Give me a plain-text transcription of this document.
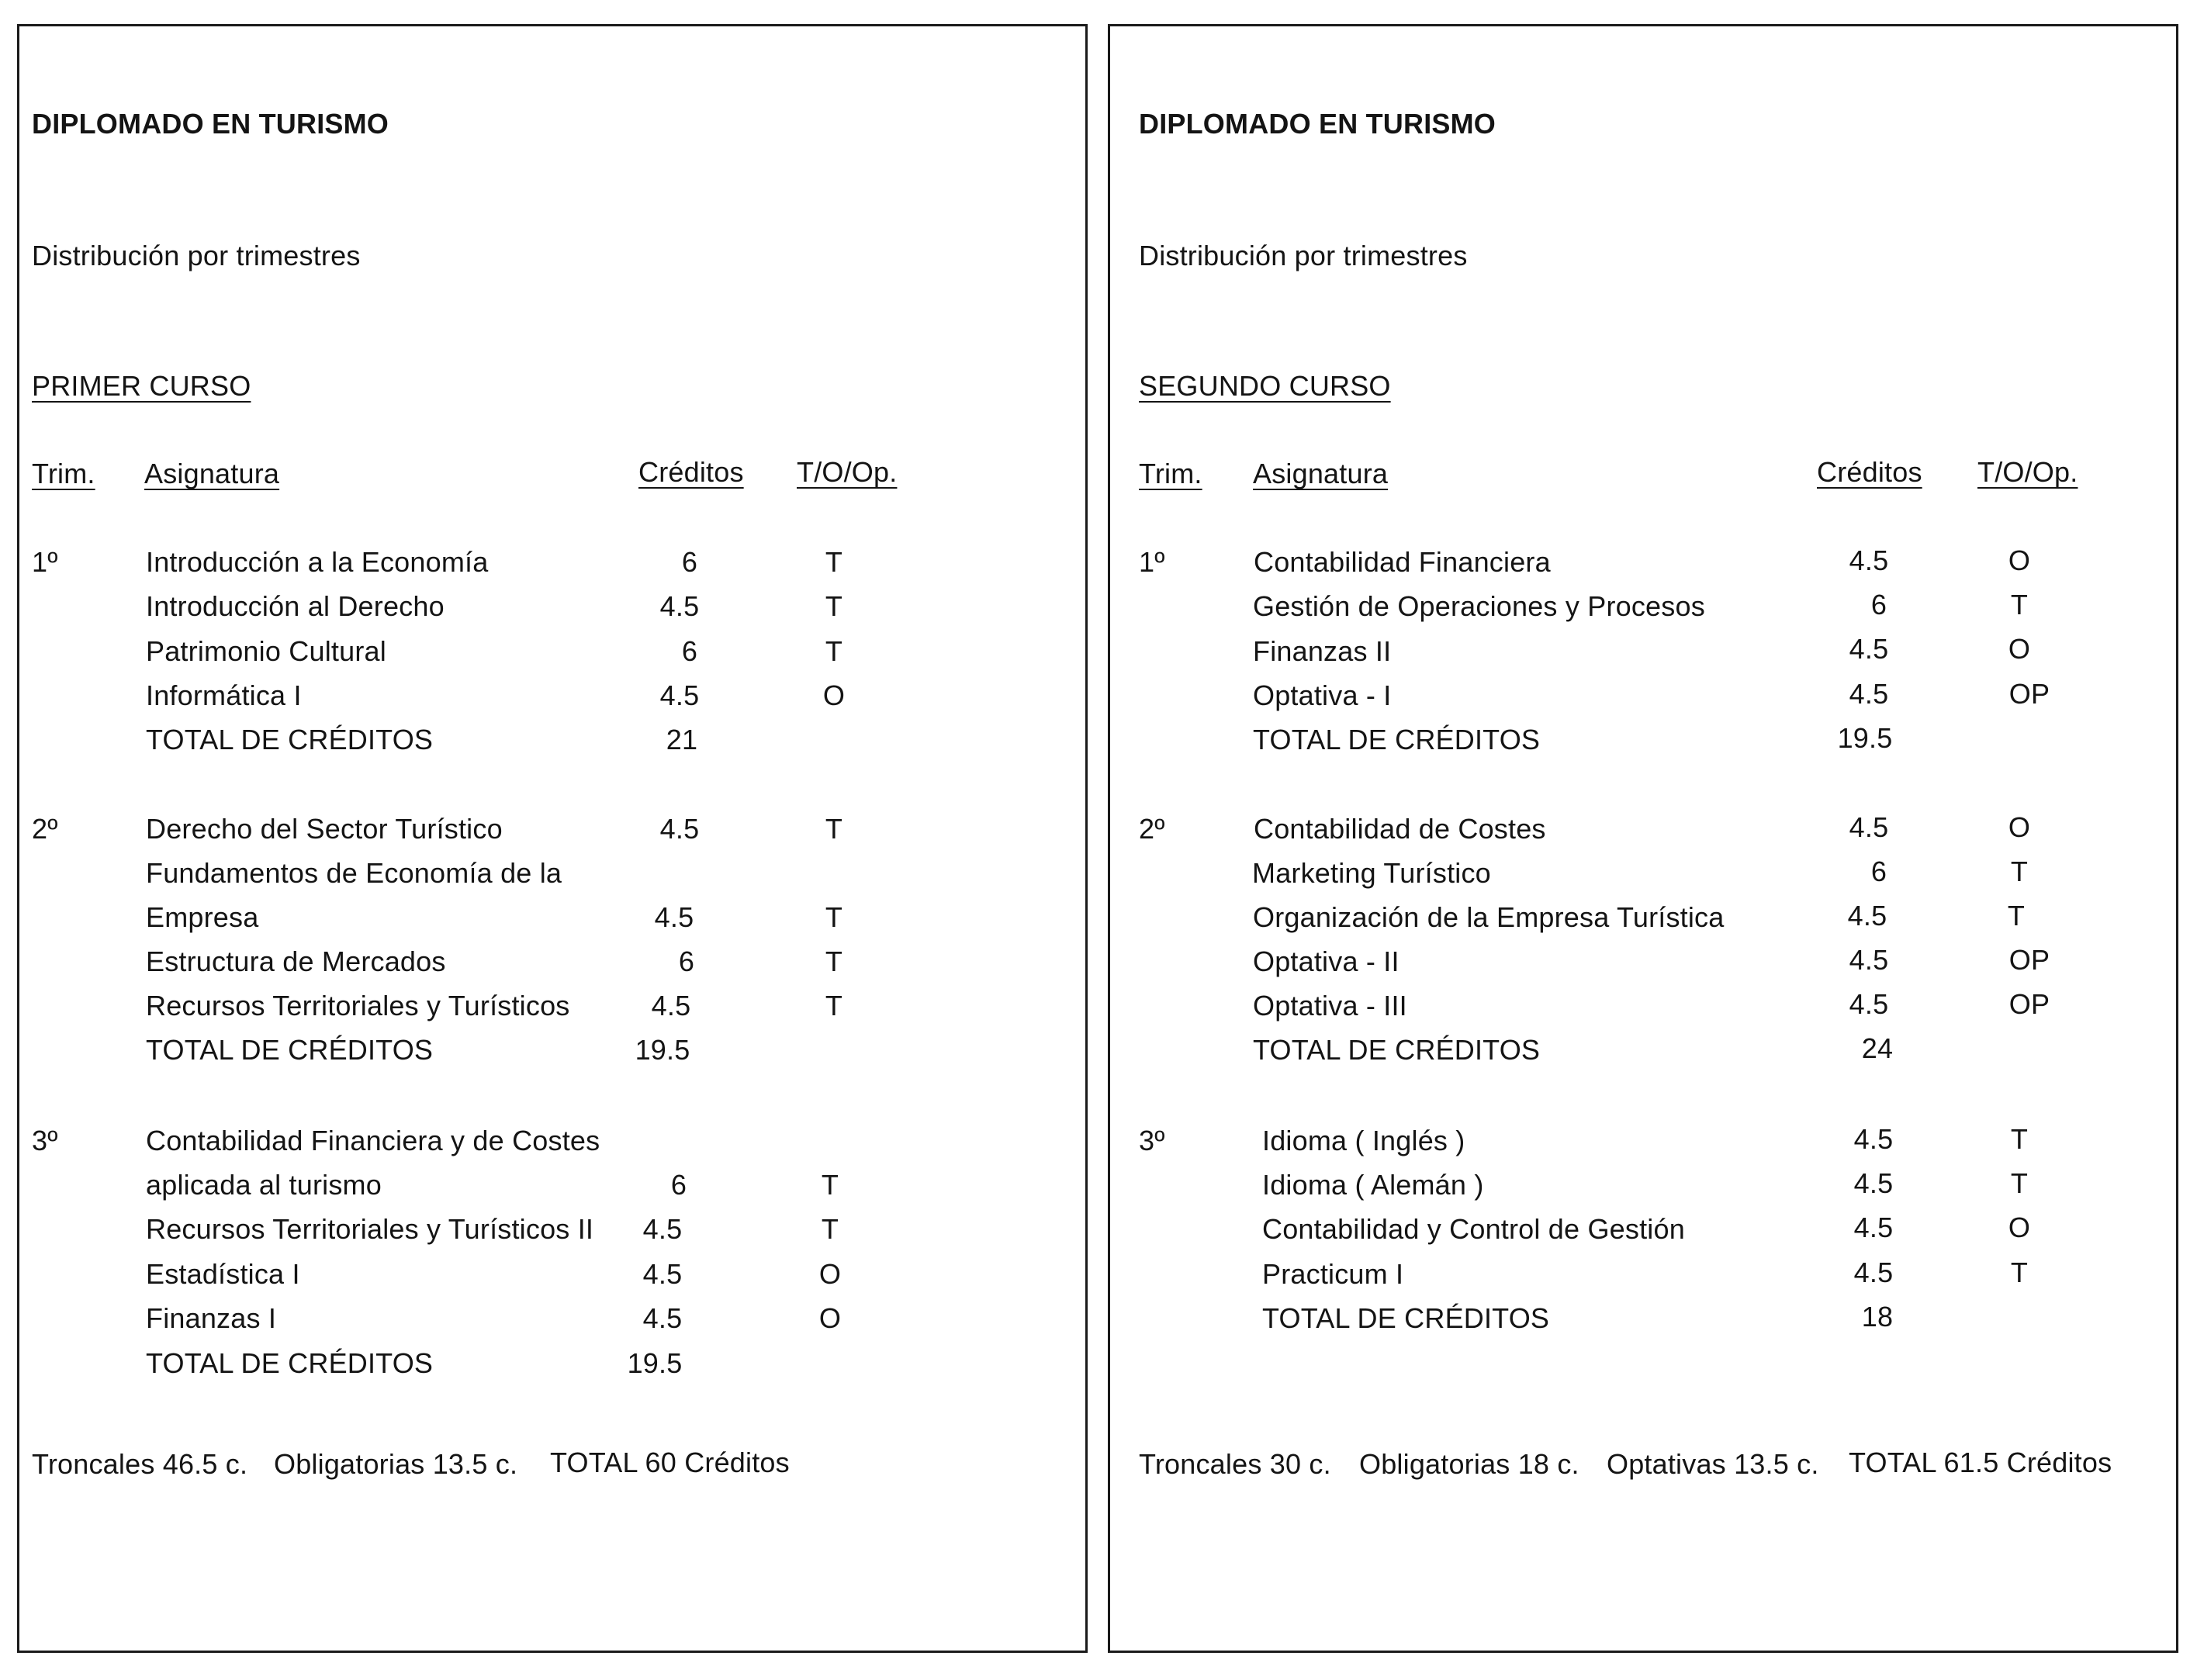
DIPLOMADO EN TURISMO
Distribución por trimestres
PRIMER CURSO
Trim. Asignatura	Créditos T/O/Op.
1º	Introducción a la Economía	6	T
Introducción al Derecho	4.5	T
Patrimonio Cultural	6	T
Informática I	4.5	O
TOTAL DE CRÉDITOS	21
2º	Derecho del Sector Turístico	4.5	T
Fundamentos de Economía de la
Empresa	4.5	T
Estructura de Mercados	6	T
Recursos Territoriales y Turísticos	4.5	T
TOTAL DE CRÉDITOS	19.5
3º	Contabilidad Financiera y de Costes
aplicada al turismo	6	T
Recursos Territoriales y Turísticos II	4.5	T
Estadística I	4.5	O
Finanzas I	4.5	O
TOTAL DE CRÉDITOS	19.5
Troncales 46.5 c. Obligatorias 13.5 c. TOTAL 60 Créditos
DIPLOMADO EN TURISMO
Distribución por trimestres
SEGUNDO CURSO
Trim. Asignatura	Créditos T/O/Op.
1º	Contabilidad Financiera	4.5	O
Gestión de Operaciones y Procesos	6	T
Finanzas II	4.5	O
Optativa - I	4.5	OP
TOTAL DE CRÉDITOS	19.5
2º	Contabilidad de Costes	4.5	O
Marketing Turístico	6	T
Organización de la Empresa Turística	4.5	T
Optativa - II	4.5	OP
Optativa - III	4.5	OP
TOTAL DE CRÉDITOS	24
3º	Idioma ( Inglés )	4.5	T
Idioma ( Alemán )	4.5	T
Contabilidad y Control de Gestión	4.5	O
Practicum I	4.5	T
TOTAL DE CRÉDITOS	18
Troncales 30 c. Obligatorias 18 c. Optativas 13.5 c. TOTAL 61.5 Créditos
